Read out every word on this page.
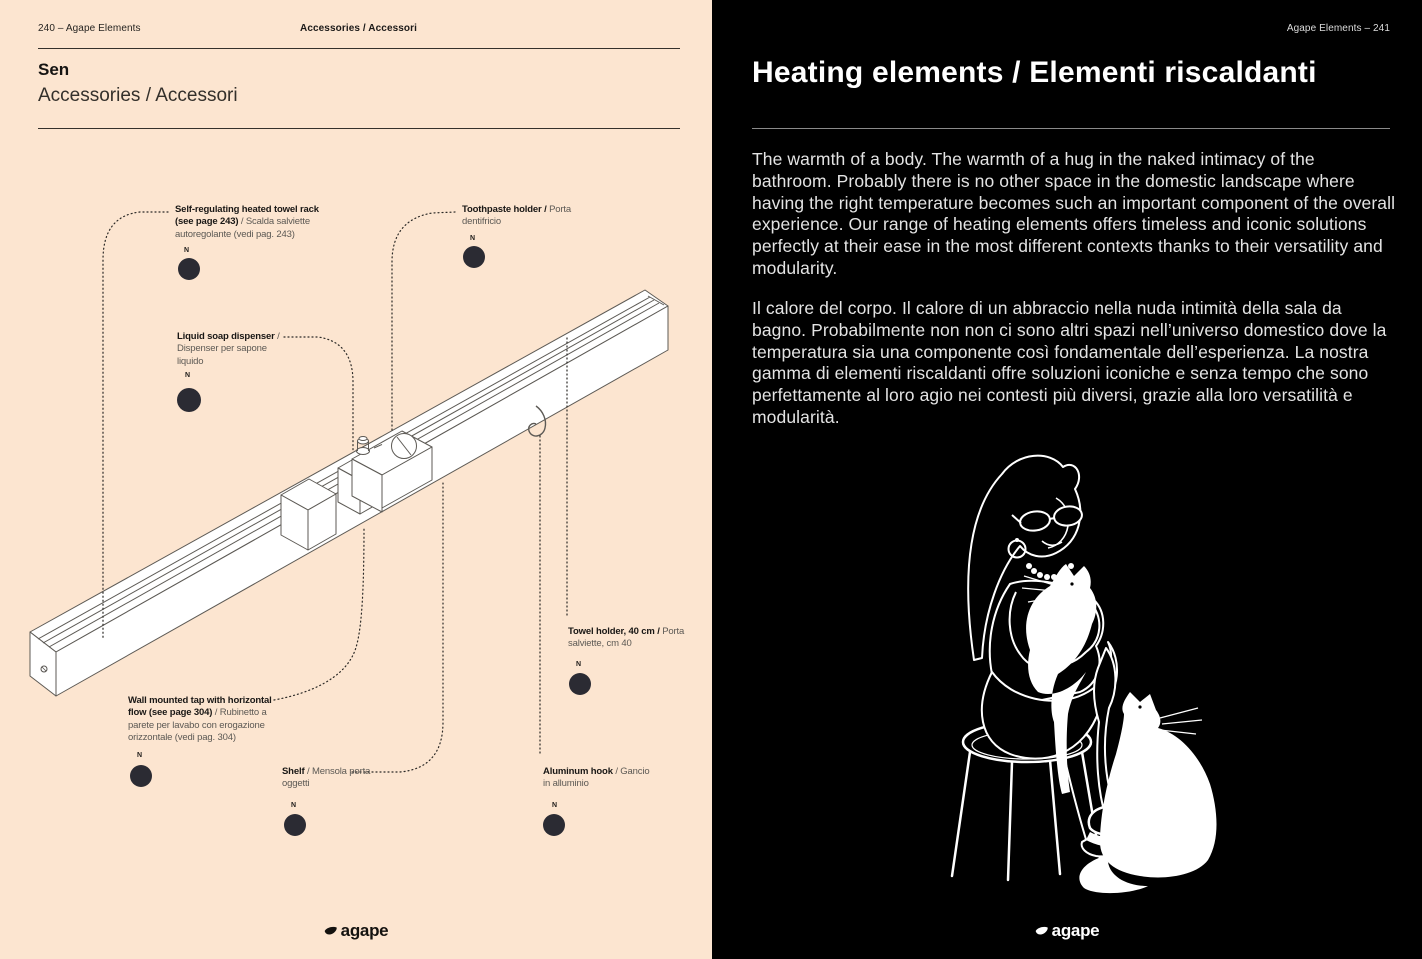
240 – Agape Elements	Accessories / Accessori
Sen
Accessories / Accessori
Self-regulating heated towel rack (see page 243) / Scalda salviette autoregolante (vedi pag. 243)
N
Toothpaste holder / Porta dentifricio
N
Liquid soap dispenser / Dispenser per sapone liquido
N
Wall mounted tap with horizontal flow (see page 304) / Rubinetto a parete per lavabo con erogazione orizzontale (vedi pag. 304)
N
Shelf / Mensola porta oggetti
N
Towel holder, 40 cm / Porta salviette, cm 40
N
Aluminum hook / Gancio in alluminio
N
agape
Agape Elements – 241
Heating elements / Elementi riscaldanti
The warmth of a body. The warmth of a hug in the naked intimacy of the bathroom. Probably there is no other space in the domestic landscape where having the right temperature becomes such an important component of the overall experience. Our range of heating elements offers timeless and iconic solutions perfectly at their ease in the most different contexts thanks to their versatility and modularity.
Il calore del corpo. Il calore di un abbraccio nella nuda intimità della sala da bagno. Probabilmente non non ci sono altri spazi nell’universo domestico dove la temperatura sia una componente così fondamentale dell’esperienza. La nostra gamma di elementi riscaldanti offre soluzioni iconiche e senza tempo che sono perfettamente al loro agio nei contesti più diversi, grazie alla loro versatilità e modularità.
agape
